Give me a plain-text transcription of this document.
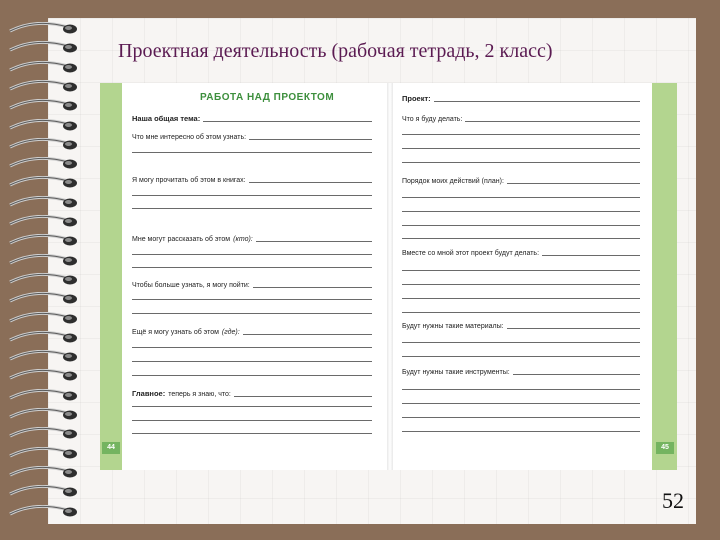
Проектная деятельность (рабочая тетрадь, 2 класс)
РАБОТА НАД ПРОЕКТОМ
Наша общая тема:
Что мне интересно об этом узнать:
Я могу прочитать об этом в книгах:
Мне могут рассказать об этом (кто):
Чтобы больше узнать, я могу пойти:
Ещё я могу узнать об этом (где):
Главное: теперь я знаю, что:
Проект:
Что я буду делать:
Порядок моих действий (план):
Вместе со мной этот проект будут делать:
Будут нужны такие материалы:
Будут нужны такие инструменты:
44	45
52
